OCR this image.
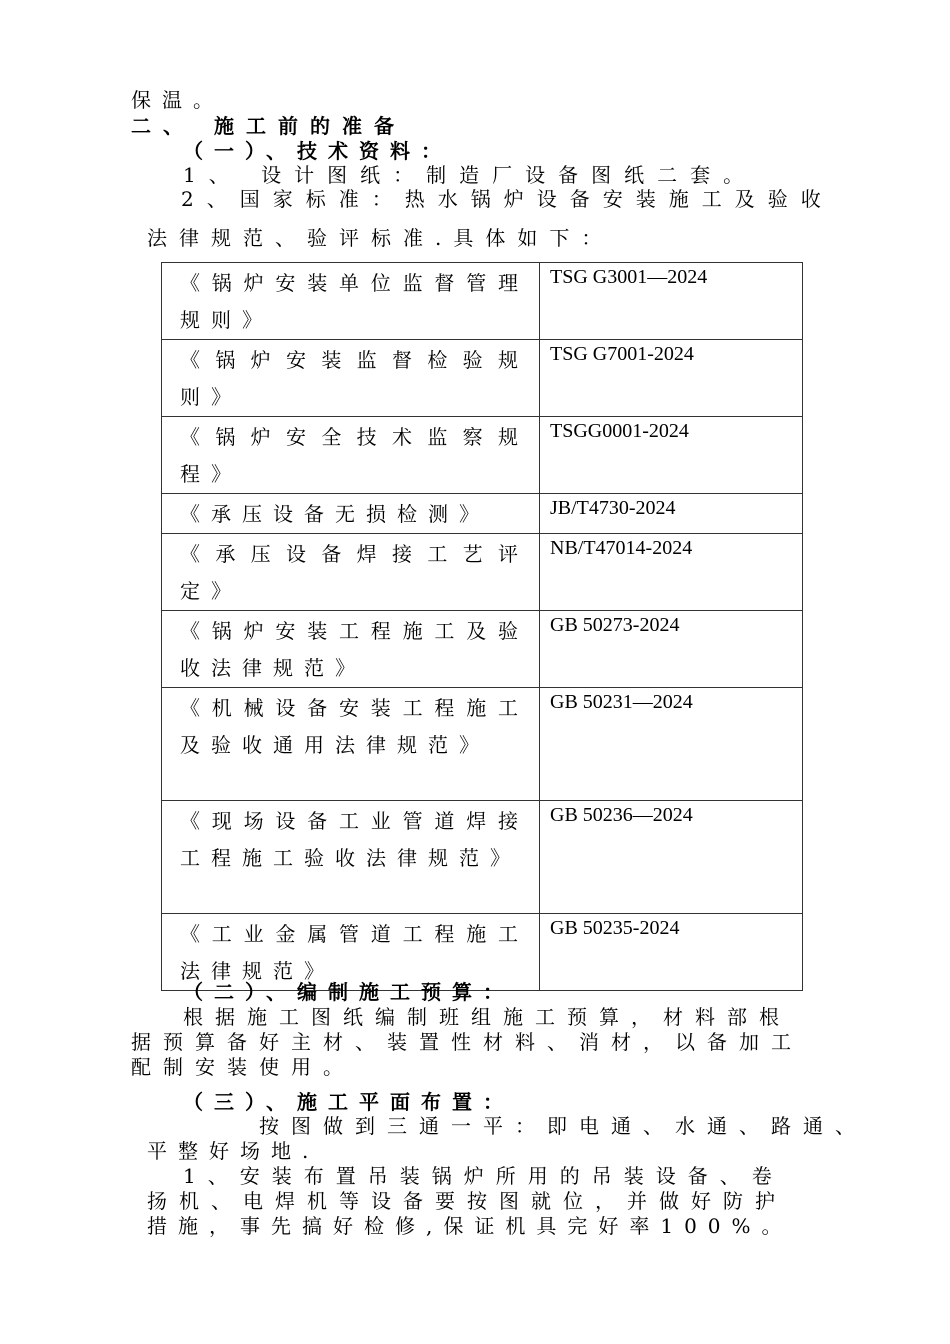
保温。
二、 施工前的准备
（一）、技术资料：
1、 设计图纸：制造厂设备图纸二套。
2、国家标准：热水锅炉设备安装施工及验收
法律规范、验评标准.具体如下：
《锅炉安装单位监督管理规则》	TSG G3001—2024

《锅炉安装监督检验规则》	TSG G7001-2024

《锅炉安全技术监察规程》	TSGG0001-2024

《承压设备无损检测》	JB/T4730-2024

《承压设备焊接工艺评定》	NB/T47014-2024

《锅炉安装工程施工及验收法律规范》	GB 50273-2024

《机械设备安装工程施工及验收通用法律规范》	GB 50231—2024

《现场设备工业管道焊接工程施工验收法律规范》	GB 50236—2024

《工业金属管道工程施工法律规范》	GB 50235-2024
（二）、编制施工预算：
根据施工图纸编制班组施工预算，材料部根
据预算备好主材、装置性材料、消材，以备加工
配制安装使用。
（三）、施工平面布置：
按图做到三通一平：即电通、水通、路通、
平整好场地.
1、安装布置吊装锅炉所用的吊装设备、卷
扬机、电焊机等设备要按图就位，并做好防护
措施，事先搞好检修,保证机具完好率100%。
